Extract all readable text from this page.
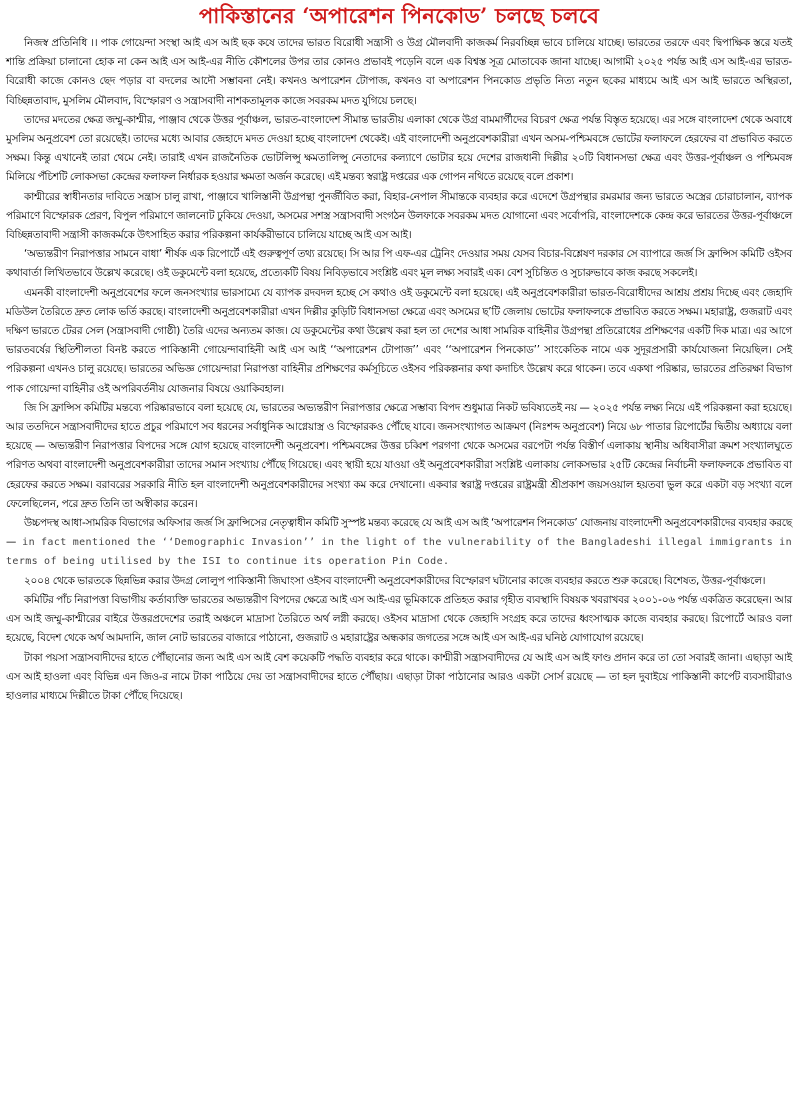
পাকিস্তানের ‘অপারেশন পিনকোড’ চলছে চলবে

নিজস্ব প্রতিনিধি ।। পাক গোয়েন্দা সংস্থা আই এস আই ছক কষে তাদের ভারত বিরোধী সন্ত্রাসী ও উগ্র মৌলবাদী কাজকর্ম নিরবচ্ছিন্ন ভাবে চালিয়ে যাচ্ছে। ভারতের তরফে এবং দ্বিপাক্ষিক স্তরে যতই শান্তি প্রক্রিয়া চালানো হোক না কেন আই এস আই-এর নীতি কৌশলের উপর তার কোনও প্রভাবই পড়েনি বলে এক বিশ্বস্ত সূত্র মোতাবেক জানা যাচ্ছে। আগামী ২০২৫ পর্যন্ত আই এস আই-এর ভারত-বিরোধী কাজে কোনও ছেদ পড়ার বা বদলের আদৌ সম্ভাবনা নেই। কখনও অপারেশন টোপাজ, কখনও বা অপারেশন পিনকোড প্রভৃতি নিত্য নতুন ছকের মাধ্যমে আই এস আই ভারতে অস্থিরতা, বিচ্ছিন্নতাবাদ, মুসলিম মৌলবাদ, বিস্ফোরণ ও সন্ত্রাসবাদী নাশকতামূলক কাজে সবরকম মদত যুগিয়ে চলছে।

তাদের মদতের ক্ষেত্র জম্মু-কাশ্মীর, পাঞ্জাব থেকে উত্তর পূর্বাঞ্চল, ভারত-বাংলাদেশ সীমান্ত ভারতীয় এলাকা থেকে উগ্র বামমার্গীদের বিচরণ ক্ষেত্র পর্যন্ত বিস্তৃত হয়েছে। এর সঙ্গে বাংলাদেশ থেকে অবাধে মুসলিম অনুপ্রবেশ তো রয়েছেই। তাদের মধ্যে আবার জেহাদে মদত দেওয়া হচ্ছে বাংলাদেশ থেকেই। এই বাংলাদেশী অনুপ্রবেশকারীরা এখন অসম-পশ্চিমবঙ্গে ভোটের ফলাফলে হেরফের বা প্রভাবিত করতে সক্ষম। কিন্তু এখানেই তারা থেমে নেই। তারাই এখন রাজনৈতিক ভোটলিপ্সু ক্ষমতালিপ্সু নেতাদের কল্যাণে ভোটার হয়ে দেশের রাজধানী দিল্লীর ২০টি বিধানসভা ক্ষেত্র এবং উত্তর-পূর্বাঞ্চল ও পশ্চিমবঙ্গ মিলিয়ে পঁচিশটি লোকসভা কেন্দ্রের ফলাফল নির্ধারক হওয়ার ক্ষমতা অর্জন করেছে। এই মন্তব্য স্বরাষ্ট্র দপ্তরের এক গোপন নথিতে রয়েছে বলে প্রকাশ।

কাশ্মীরের স্বাধীনতার দাবিতে সন্ত্রাস চালু রাখা, পাঞ্জাবে খালিস্তানী উগ্রপন্থা পুনর্জীবিত করা, বিহার-নেপাল সীমান্তকে ব্যবহার করে এদেশে উগ্রপন্থার রমরমার জন্য ভারতে অস্ত্রের চোরাচালান, ব্যাপক পরিমাণে বিস্ফোরক প্রেরণ, বিপুল পরিমাণে জালনোট ঢুকিয়ে দেওয়া, অসমের সশস্ত্র সন্ত্রাসবাদী সংগঠন উলফাকে সবরকম মদত যোগানো এবং সর্বোপরি, বাংলাদেশকে কেন্দ্র করে ভারতের উত্তর-পূর্বাঞ্চলে বিচ্ছিন্নতাবাদী সন্ত্রাসী কাজকর্মকে উৎসাহিত করার পরিকল্পনা কার্যকরীভাবে চালিয়ে যাচ্ছে আই এস আই।

‘অভ্যন্তরীণ নিরাপত্তার সামনে বাধা’ শীর্ষক এক রিপোর্টে এই গুরুত্বপূর্ণ তথ্য রয়েছে। সি আর পি এফ-এর ট্রেনিং দেওয়ার সময় যেসব বিচার-বিশ্লেষণ দরকার সে ব্যাপারে জর্জ সি ফ্রান্সিস কমিটি ওইসব কথাবার্তা লিখিতভাবে উল্লেখ করেছে। ওই ডকুমেন্টে বলা হয়েছে, প্রত্যেকটি বিষয় নিবিড়ভাবে সংশ্লিষ্ট এবং মূল লক্ষ্য সবারই এক। বেশ সুচিন্তিত ও সুচারুভাবে কাজ করছে সকলেই।

এমনকী বাংলাদেশী অনুপ্রবেশের ফলে জনসংখ্যার ভারসাম্যে যে ব্যাপক রদবদল হচ্ছে সে কথাও ওই ডকুমেন্টে বলা হয়েছে। এই অনুপ্রবেশকারীরা ভারত-বিরোধীদের আশ্রয় প্রশ্রয় দিচ্ছে এবং জেহাদি মডিউল তৈরিতে দ্রুত লোক ভর্তি করছে। বাংলাদেশী অনুপ্রবেশকারীরা এখন দিল্লীর কুড়িটি বিধানসভা ক্ষেত্রে এবং অসমের ছ’টি জেলায় ভোটের ফলাফলকে প্রভাবিত করতে সক্ষম। মহারাষ্ট্র, গুজরাট এবং দক্ষিণ ভারতে টেরর সেল (সন্ত্রাসবাদী গোষ্ঠী) তৈরি এদের অন্যতম কাজ। যে ডকুমেন্টের কথা উল্লেখ করা হল তা দেশের আধা সামরিক বাহিনীর উগ্রপন্থা প্রতিরোধের প্রশিক্ষণের একটি দিক মাত্র। এর আগে ভারতবর্ষের স্থিতিশীলতা বিনষ্ট করতে পাকিস্তানী গোয়েন্দাবাহিনী আই এস আই ‘‘অপারেশন টোপাজ’’ এবং ‘‘অপারেশন পিনকোড’’ সাংকেতিক নামে এক সুদূরপ্রসারী কার্যযোজনা নিয়েছিল। সেই পরিকল্পনা এখনও চালু রয়েছে। ভারতের অভিজ্ঞ গোয়েন্দারা নিরাপত্তা বাহিনীর প্রশিক্ষণের কর্মসূচিতে ওইসব পরিকল্পনার কথা কদাচিৎ উল্লেখ করে থাকেন। তবে একথা পরিষ্কার, ভারতের প্রতিরক্ষা বিভাগ পাক গোয়েন্দা বাহিনীর ওই অপরিবর্তনীয় যোজনার বিষয়ে ওয়াকিবহাল।

জি সি ফ্রান্সিস কমিটির মন্তব্যে পরিষ্কারভাবে বলা হয়েছে যে, ভারতের অভ্যন্তরীণ নিরাপত্তার ক্ষেত্রে সম্ভাব্য বিপদ শুধুমাত্র নিকট ভবিষ্যতেই নয় — ২০২৫ পর্যন্ত লক্ষ্য নিয়ে এই পরিকল্পনা করা হয়েছে। আর ততদিনে সন্ত্রাসবাদীদের হাতে প্রচুর পরিমাণে সব ধরনের সর্বাধুনিক আগ্নেয়াস্ত্র ও বিস্ফোরকও পৌঁছে যাবে। জনসংখ্যাগত আক্রমণ (নিঃশব্দ অনুপ্রবেশ) নিয়ে ৬৮ পাতার রিপোর্টের দ্বিতীয় অধ্যায়ে বলা হয়েছে — অভ্যন্তরীণ নিরাপত্তার বিপদের সঙ্গে যোগ হয়েছে বাংলাদেশী অনুপ্রবেশ। পশ্চিমবঙ্গের উত্তর চব্বিশ পরগণা থেকে অসমের বরপেটা পর্যন্ত বিস্তীর্ণ এলাকায় স্থানীয় অধিবাসীরা ক্রমশ সংখ্যালঘুতে পরিণত অথবা বাংলাদেশী অনুপ্রবেশকারীরা তাদের সমান সংখ্যায় পৌঁছে গিয়েছে। এবং স্থায়ী হয়ে যাওয়া ওই অনুপ্রবেশকারীরা সংশ্লিষ্ট এলাকায় লোকসভার ২৫টি কেন্দ্রের নির্বাচনী ফলাফলকে প্রভাবিত বা হেরফের করতে সক্ষম। বরাবরের সরকারি নীতি হল বাংলাদেশী অনুপ্রবেশকারীদের সংখ্যা কম করে দেখানো। একবার স্বরাষ্ট্র দপ্তরের রাষ্ট্রমন্ত্রী শ্রীপ্রকাশ জয়সওয়াল হয়তবা ভুল করে একটা বড় সংখ্যা বলে ফেলেছিলেন, পরে দ্রুত তিনি তা অস্বীকার করেন।

উচ্চপদস্থ আধা-সামরিক বিভাগের অফিসার জর্জ সি ফ্রান্সিসের নেতৃত্বাধীন কমিটি সুস্পষ্ট মন্তব্য করেছে যে আই এস আই ‘অপারেশন পিনকোড’ যোজনায় বাংলাদেশী অনুপ্রবেশকারীদের ব্যবহার করছে — in fact mentioned the ‘‘Demographic Invasion’’ in the light of the vulnerability of the Bangladeshi illegal immigrants in terms of being utilised by the ISI to continue its operation Pin Code.

২০০৪ থেকে ভারতকে ছিন্নভিন্ন করার উদগ্র লোলুপ পাকিস্তানী জিঘাংসা ওইসব বাংলাদেশী অনুপ্রবেশকারীদের বিস্ফোরণ ঘটানোর কাজে ব্যবহার করতে শুরু করেছে। বিশেষত, উত্তর-পূর্বাঞ্চলে।

কমিটির পাঁচ নিরাপত্তা বিভাগীয় কর্তাব্যক্তি ভারতের অভ্যন্তরীণ বিপদের ক্ষেত্রে আই এস আই-এর ভূমিকাকে প্রতিহত করার গৃহীত ব্যবস্থাদি বিষয়ক খবরাখবর ২০০১-০৬ পর্যন্ত একত্রিত করেছেন। আর এস আই জম্মু-কাশ্মীরের বাইরে উত্তরপ্রদেশের তরাই অঞ্চলে মাদ্রাসা তৈরিতে অর্থ লগ্নী করছে। ওইসব মাদ্রাসা থেকে জেহাদি সংগ্রহ করে তাদের ধ্বংসাত্মক কাজে ব্যবহার করছে। রিপোর্টে আরও বলা হয়েছে, বিদেশ থেকে অর্থ আমদানি, জাল নোট ভারতের বাজারে পাঠানো, গুজরাট ও মহারাষ্ট্রের অন্ধকার জগতের সঙ্গে আই এস আই-এর ঘনিষ্ঠ যোগাযোগ রয়েছে।

টাকা পয়সা সন্ত্রাসবাদীদের হাতে পৌঁছানোর জন্য আই এস আই বেশ কয়েকটি পদ্ধতি ব্যবহার করে থাকে। কাশ্মীরী সন্ত্রাসবাদীদের যে আই এস আই ফাণ্ড প্রদান করে তা তো সবারই জানা। এছাড়া আই এস আই হাওলা এবং বিভিন্ন এন জিও-র নামে টাকা পাঠিয়ে দেয় তা সন্ত্রাসবাদীদের হাতে পৌঁছায়। এছাড়া টাকা পাঠানোর আরও একটা সোর্স রয়েছে — তা হল দুবাইয়ে পাকিস্তানী কার্পেট ব্যবসায়ীরাও হাওলার মাধ্যমে দিল্লীতে টাকা পৌঁছে দিয়েছে।
